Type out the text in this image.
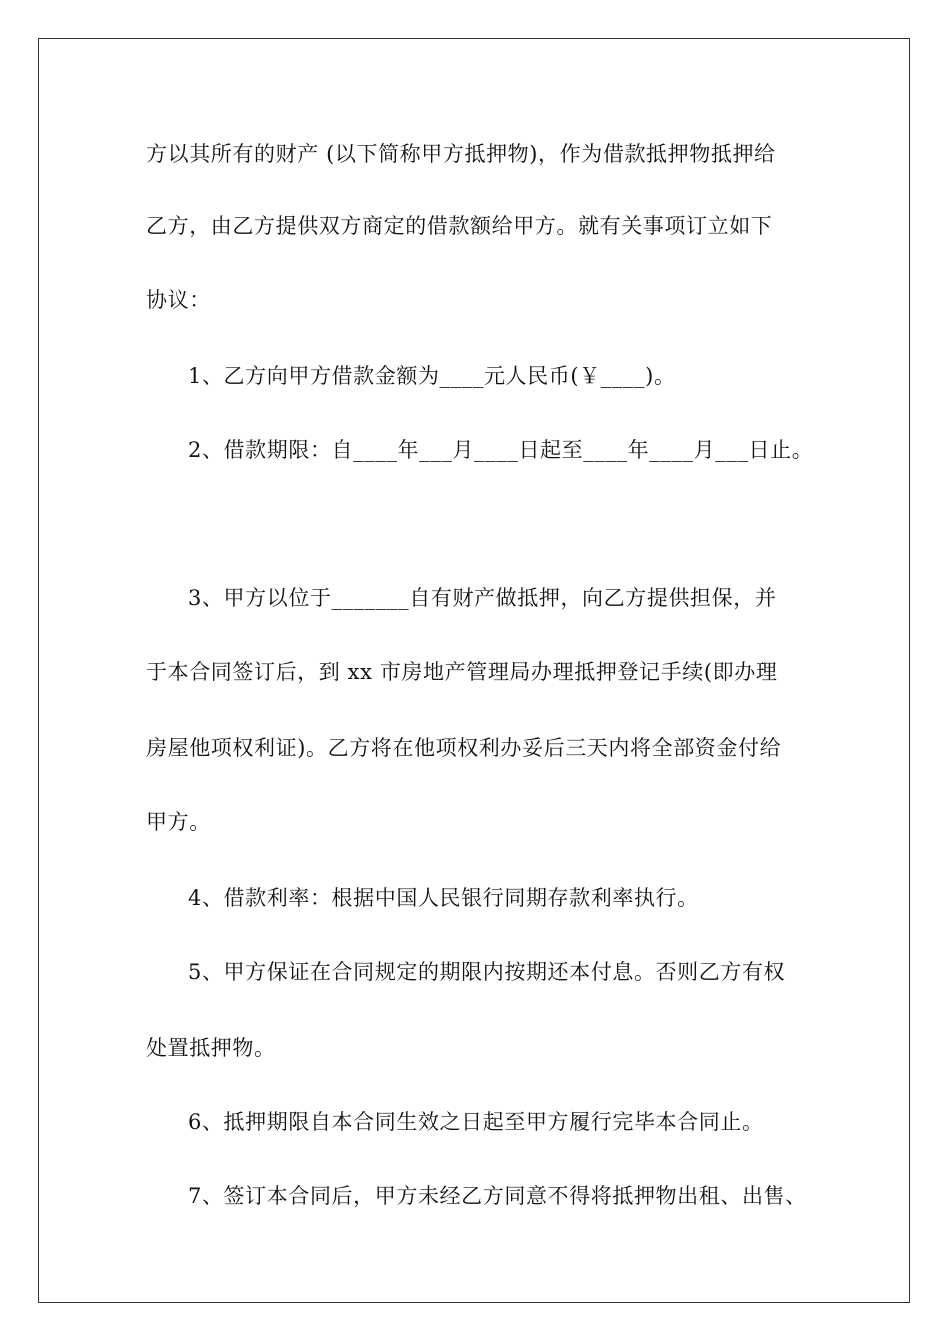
方以其所有的财产 (以下简称甲方抵押物)，作为借款抵押物抵押给
乙方，由乙方提供双方商定的借款额给甲方。就有关事项订立如下
协议：
1、乙方向甲方借款金额为____元人民币(￥____)。
2、借款期限：自____年___月____日起至____年____月___日止。
3、甲方以位于_______自有财产做抵押，向乙方提供担保，并
于本合同签订后，到 xx 市房地产管理局办理抵押登记手续(即办理
房屋他项权利证)。乙方将在他项权利办妥后三天内将全部资金付给
甲方。
4、借款利率：根据中国人民银行同期存款利率执行。
5、甲方保证在合同规定的期限内按期还本付息。否则乙方有权
处置抵押物。
6、抵押期限自本合同生效之日起至甲方履行完毕本合同止。
7、签订本合同后，甲方未经乙方同意不得将抵押物出租、出售、
